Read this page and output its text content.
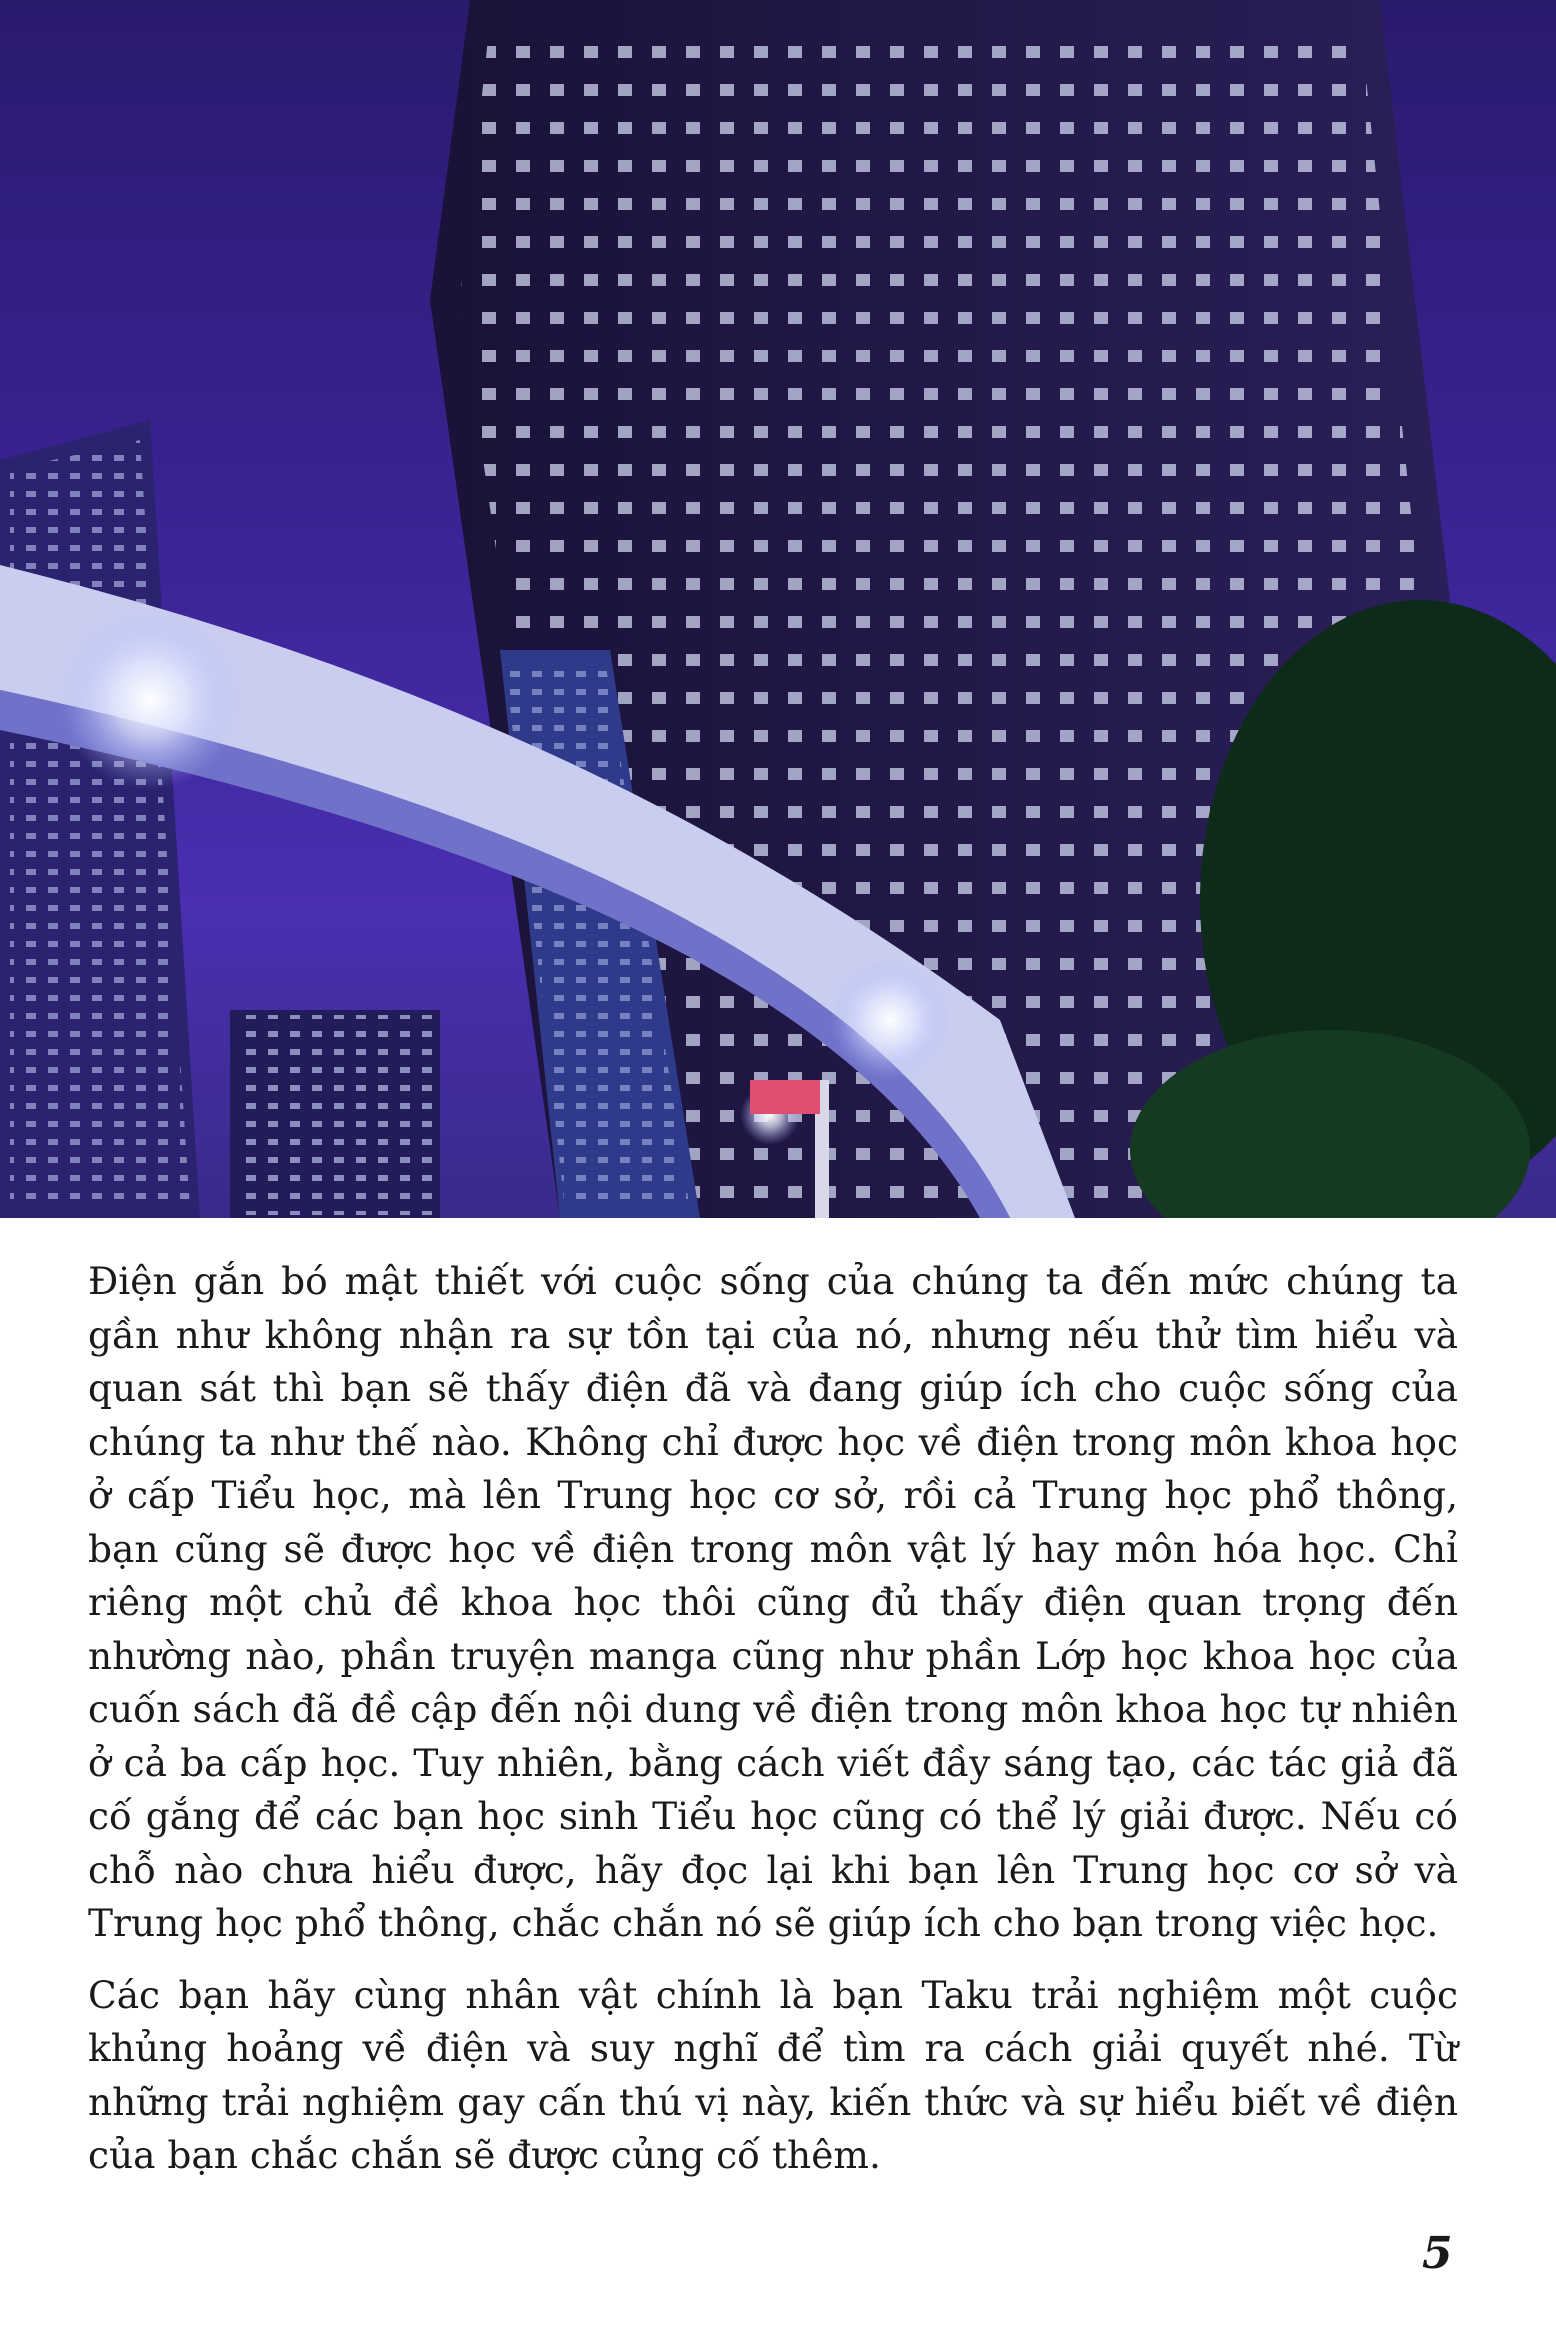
Điện gắn bó mật thiết với cuộc sống của chúng ta đến mức chúng ta gần như không nhận ra sự tồn tại của nó, nhưng nếu thử tìm hiểu và quan sát thì bạn sẽ thấy điện đã và đang giúp ích cho cuộc sống của chúng ta như thế nào. Không chỉ được học về điện trong môn khoa học ở cấp Tiểu học, mà lên Trung học cơ sở, rồi cả Trung học phổ thông, bạn cũng sẽ được học về điện trong môn vật lý hay môn hóa học. Chỉ riêng một chủ đề khoa học thôi cũng đủ thấy điện quan trọng đến nhường nào, phần truyện manga cũng như phần Lớp học khoa học của cuốn sách đã đề cập đến nội dung về điện trong môn khoa học tự nhiên ở cả ba cấp học. Tuy nhiên, bằng cách viết đầy sáng tạo, các tác giả đã cố gắng để các bạn học sinh Tiểu học cũng có thể lý giải được. Nếu có chỗ nào chưa hiểu được, hãy đọc lại khi bạn lên Trung học cơ sở và Trung học phổ thông, chắc chắn nó sẽ giúp ích cho bạn trong việc học.

Các bạn hãy cùng nhân vật chính là bạn Taku trải nghiệm một cuộc khủng hoảng về điện và suy nghĩ để tìm ra cách giải quyết nhé. Từ những trải nghiệm gay cấn thú vị này, kiến thức và sự hiểu biết về điện của bạn chắc chắn sẽ được củng cố thêm.

5
